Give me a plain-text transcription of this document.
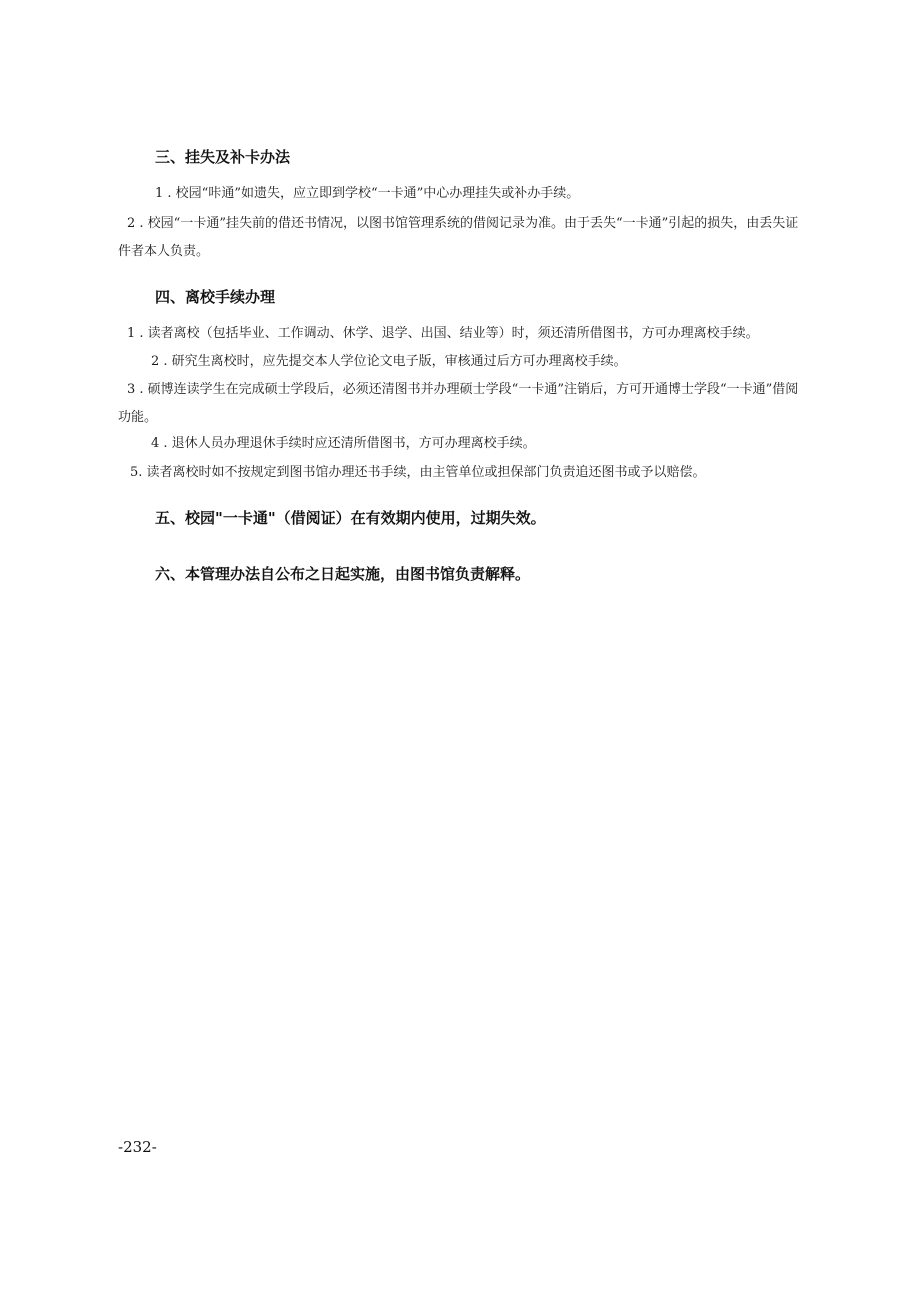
三、挂失及补卡办法
1 . 校园“咔通”如遗失，应立即到学校“一卡通”中心办理挂失或补办手续。
2 . 校园“一卡通”挂失前的借还书情况，以图书馆管理系统的借阅记录为准。由于丢失“一卡通”引起的损失，由丢失证件者本人负责。
四、离校手续办理
1 . 读者离校（包括毕业、工作调动、休学、退学、出国、结业等）时，须还清所借图书，方可办理离校手续。
2 . 研究生离校时，应先提交本人学位论文电子版，审核通过后方可办理离校手续。
3 . 硕博连读学生在完成硕士学段后，必须还清图书并办理硕士学段“一卡通”注销后，方可开通博士学段“一卡通”借阅功能。
4 . 退休人员办理退休手续时应还清所借图书，方可办理离校手续。
5. 读者离校时如不按规定到图书馆办理还书手续，由主管单位或担保部门负责追还图书或予以赔偿。
五、校园"一卡通"（借阅证）在有效期内使用，过期失效。
六、本管理办法自公布之日起实施，由图书馆负责解释。
-232-
